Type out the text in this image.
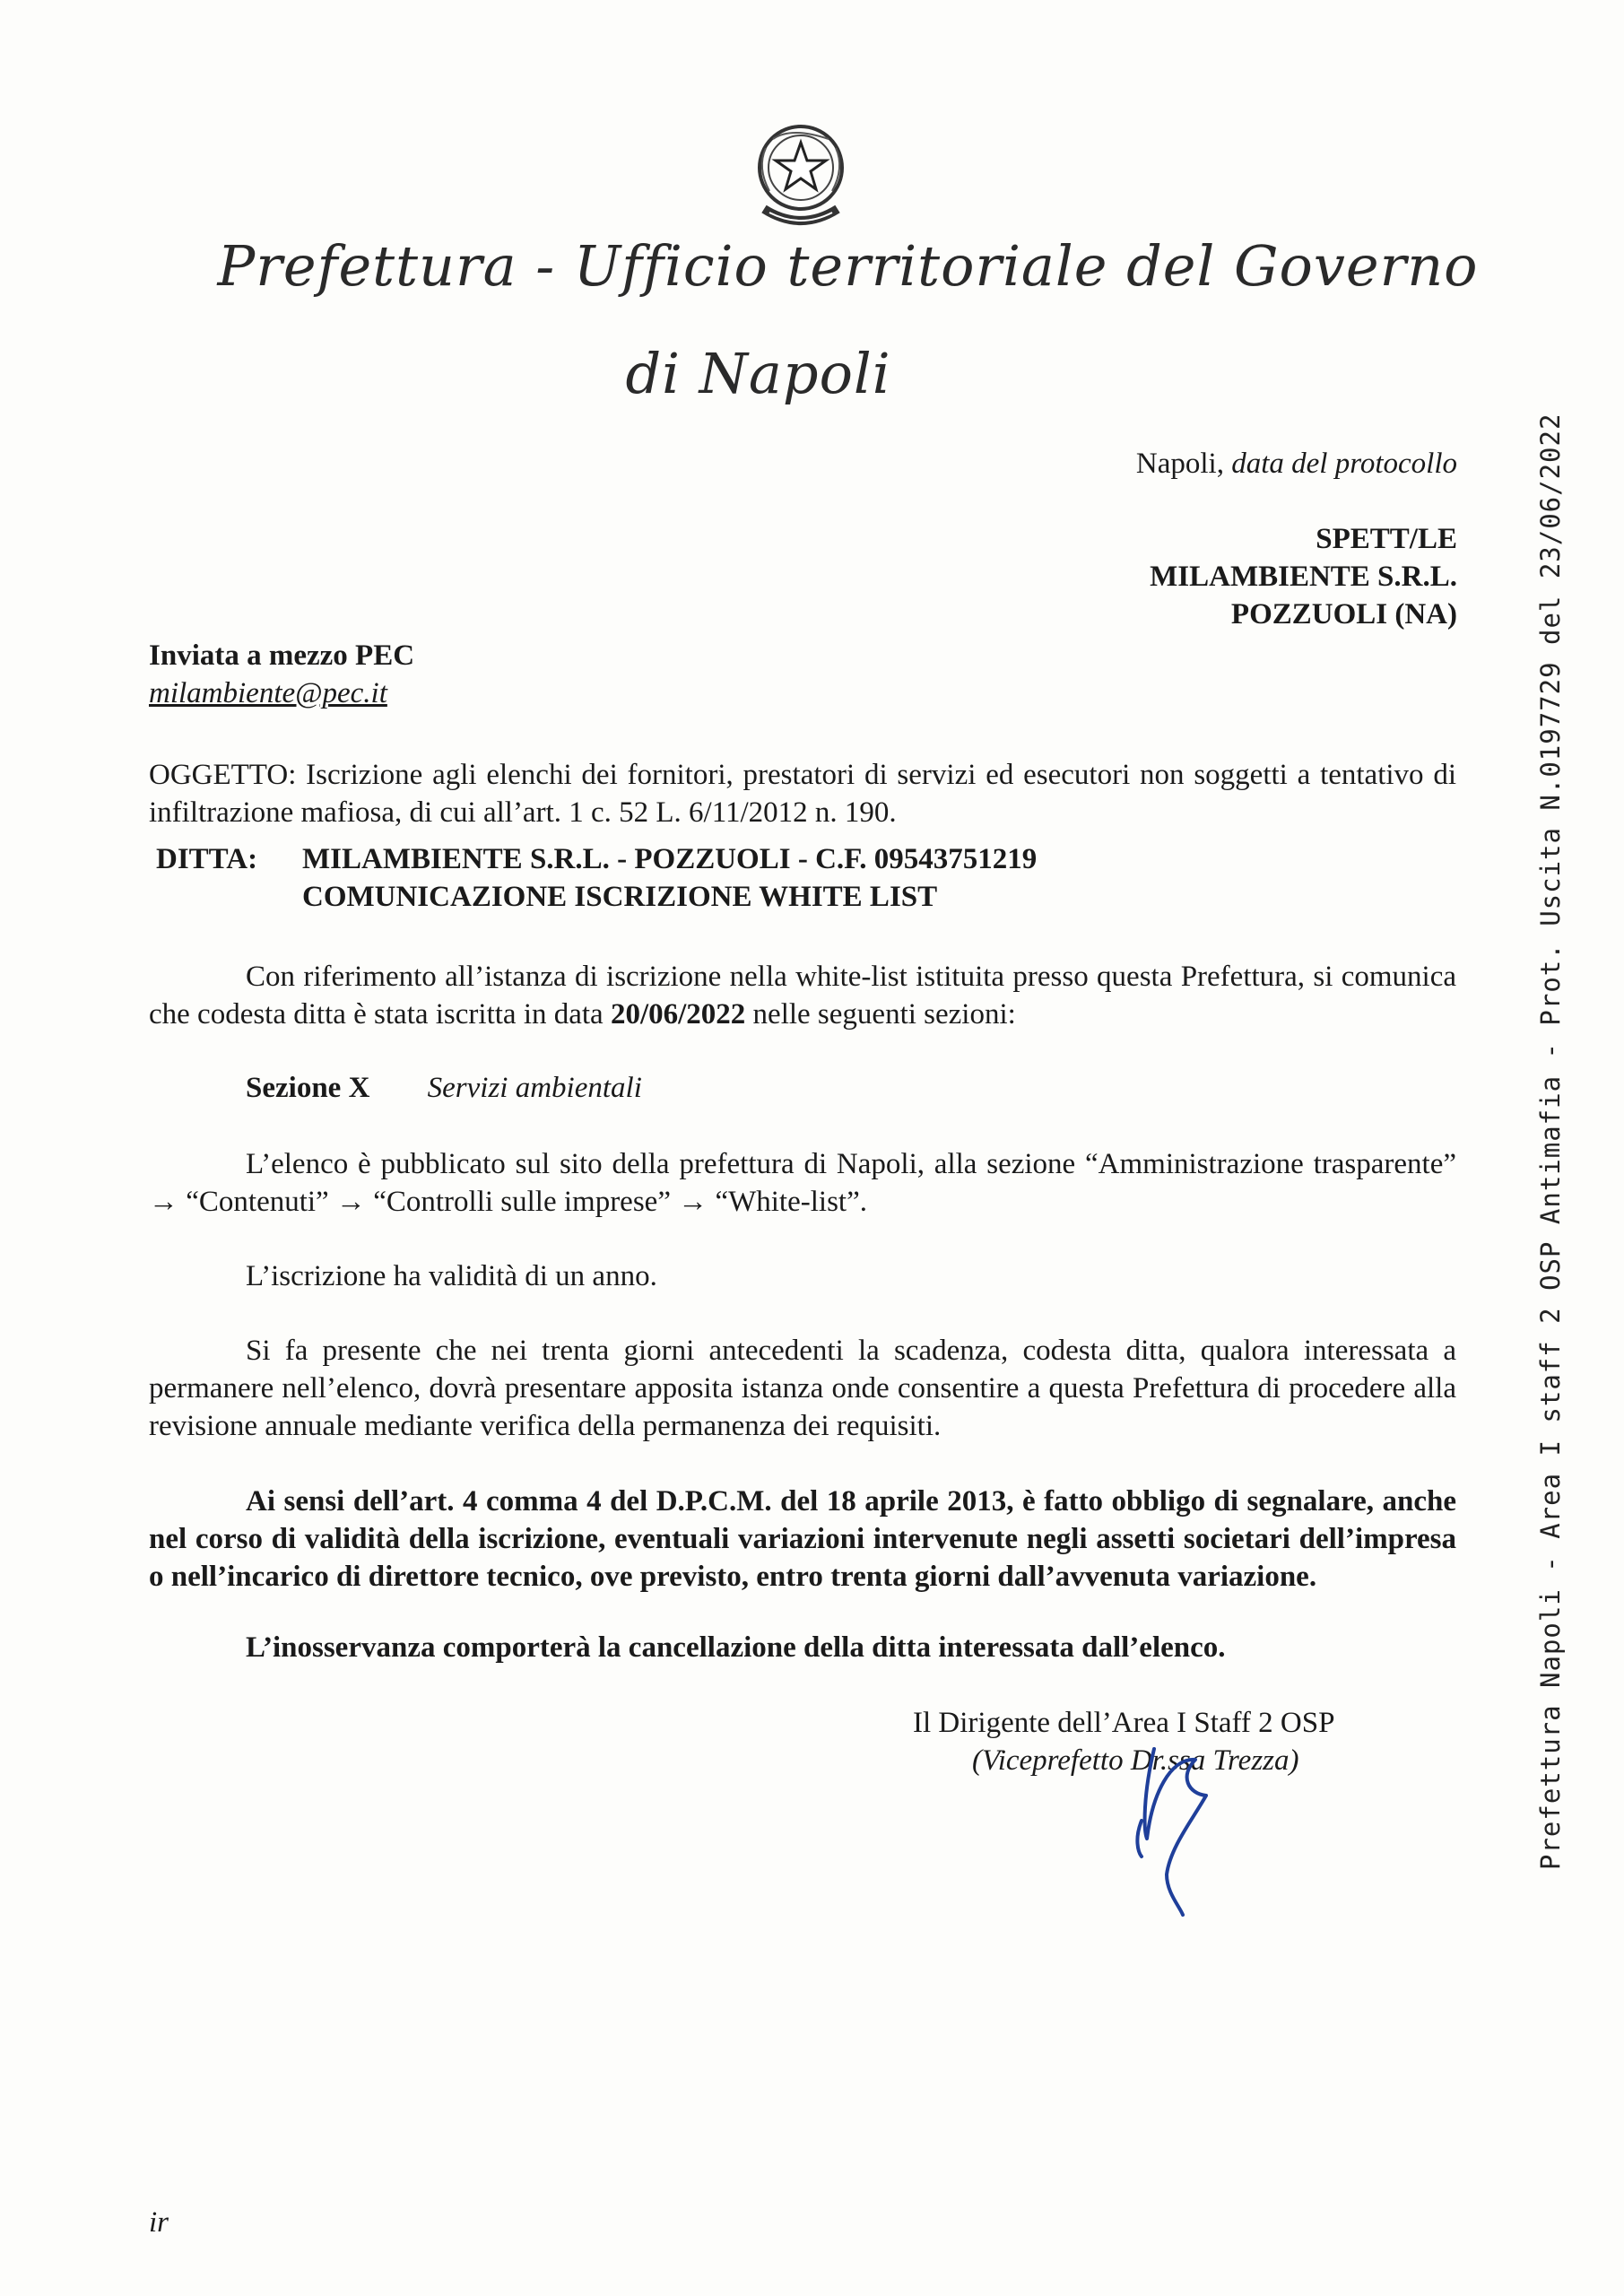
Prefettura - Ufficio territoriale del Governo
di Napoli
Napoli, data del protocollo
SPETT/LE
MILAMBIENTE S.R.L.
POZZUOLI (NA)
Inviata a mezzo PEC
milambiente@pec.it
OGGETTO: Iscrizione agli elenchi dei fornitori, prestatori di servizi ed esecutori non soggetti a tentativo di infiltrazione mafiosa, di cui all’art. 1 c. 52 L. 6/11/2012 n. 190.
DITTA: MILAMBIENTE S.R.L. - POZZUOLI - C.F. 09543751219
COMUNICAZIONE ISCRIZIONE WHITE LIST
Con riferimento all’istanza di iscrizione nella white-list istituita presso questa Prefettura, si comunica che codesta ditta è stata iscritta in data 20/06/2022 nelle seguenti sezioni:
Sezione X Servizi ambientali
L’elenco è pubblicato sul sito della prefettura di Napoli, alla sezione “Amministrazione trasparente” → “Contenuti” → “Controlli sulle imprese” → “White-list”.
L’iscrizione ha validità di un anno.
Si fa presente che nei trenta giorni antecedenti la scadenza, codesta ditta, qualora interessata a permanere nell’elenco, dovrà presentare apposita istanza onde consentire a questa Prefettura di procedere alla revisione annuale mediante verifica della permanenza dei requisiti.
Ai sensi dell’art. 4 comma 4 del D.P.C.M. del 18 aprile 2013, è fatto obbligo di segnalare, anche nel corso di validità della iscrizione, eventuali variazioni intervenute negli assetti societari dell’impresa o nell’incarico di direttore tecnico, ove previsto, entro trenta giorni dall’avvenuta variazione.
L’inosservanza comporterà la cancellazione della ditta interessata dall’elenco.
Il Dirigente dell’Area I Staff 2 OSP
(Viceprefetto Dr.ssa Trezza)
ir
Prefettura Napoli - Area I staff 2 OSP Antimafia - Prot. Uscita N.0197729 del 23/06/2022
